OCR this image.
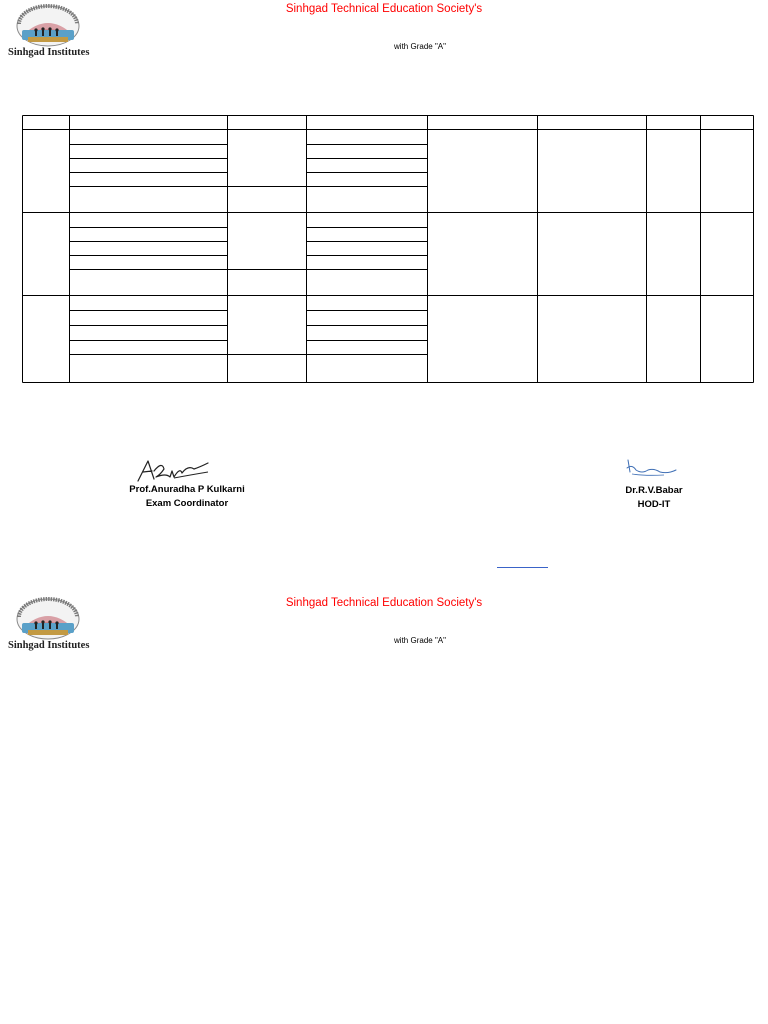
Sinhgad Institutes
Sinhgad Technical Education Society's
with Grade "A"
Prof.Anuradha P Kulkarni
Exam Coordinator
Dr.R.V.Babar
HOD-IT
Sinhgad Institutes
Sinhgad Technical Education Society's
with Grade "A"
